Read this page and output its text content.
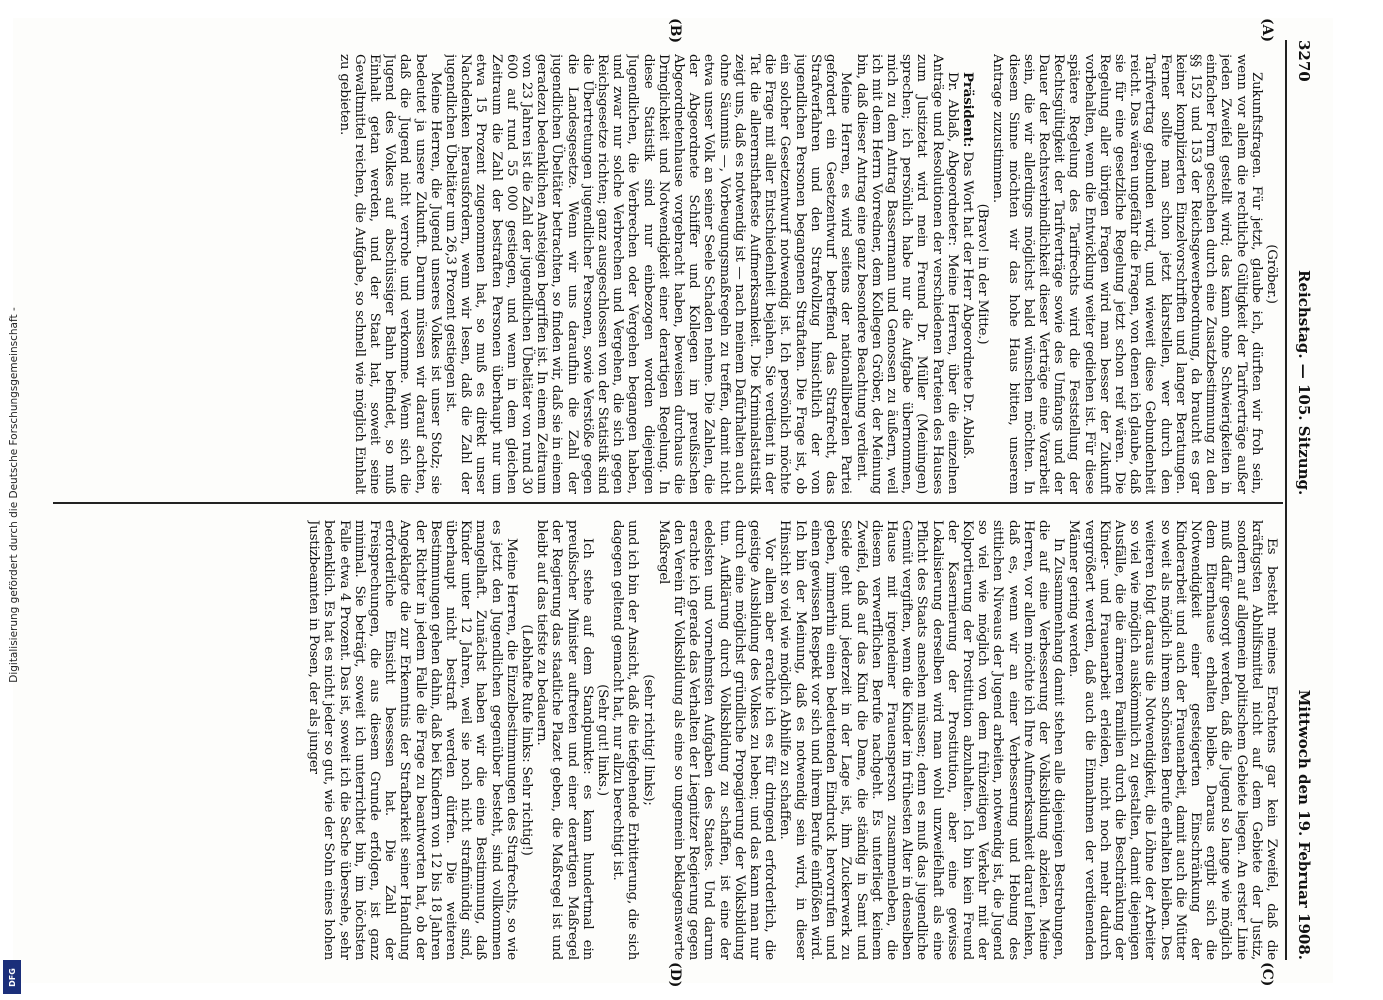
3270
Reichstag. — 105. Sitzung.
Mittwoch den 19. Februar 1908.
(A)
(B)
(C)
(D)

(Gröber.)

Zukunftsfragen. Für jetzt, glaube ich, dürften wir froh sein, wenn vor allem die rechtliche Gültigkeit der Tarifverträge außer jeden Zweifel gestellt wird; das kann ohne Schwierigkeiten in einfacher Form geschehen durch eine Zusatzbestimmung zu den §§ 152 und 153 der Reichsgewerbeordnung, da braucht es gar keiner komplizierten Einzelvorschriften und langer Beratungen. Ferner sollte man schon jetzt klarstellen, wer durch den Tarifvertrag gebunden wird, und wieweit diese Gebundenheit reicht. Das wären ungefähr die Fragen, von denen ich glaube, daß sie für eine gesetzliche Regelung jetzt schon reif wären. Die Regelung aller übrigen Fragen wird man besser der Zukunft vorbehalten, wenn die Entwicklung weiter gediehen ist. Für diese spätere Regelung des Tarifrechts wird die Feststellung der Rechtsgültigkeit der Tarifverträge sowie des Umfangs und der Dauer der Rechtsverbindlichkeit dieser Verträge eine Vorarbeit sein, die wir allerdings möglichst bald wünschen möchten. In diesem Sinne möchten wir das hohe Haus bitten, unserem Antrage zuzustimmen.

(Bravo! in der Mitte.)

Präsident: Das Wort hat der Herr Abgeordnete Dr. Ablaß.

Dr. Ablaß, Abgeordneter: Meine Herren, über die einzelnen Anträge und Resolutionen der verschiedenen Parteien des Hauses zum Justizetat wird mein Freund Dr. Müller (Meiningen) sprechen; ich persönlich habe nur die Aufgabe übernommen, mich zu dem Antrag Bassermann und Genossen zu äußern, weil ich mit dem Herrn Vorredner, dem Kollegen Gröber, der Meinung bin, daß dieser Antrag eine ganz besondere Beachtung verdient.

Meine Herren, es wird seitens der nationalliberalen Partei gefordert ein Gesetzentwurf betreffend das Strafrecht, das Strafverfahren und den Strafvollzug hinsichtlich der von jugendlichen Personen begangenen Straftaten. Die Frage ist, ob ein solcher Gesetzentwurf notwendig ist. Ich persönlich möchte die Frage mit aller Entschiedenheit bejahen. Sie verdient in der Tat die allerernsthafteste Aufmerksamkeit. Die Kriminalstatistik zeigt uns, daß es notwendig ist — nach meinem Dafürhalten auch ohne Säumnis —, Vorbeugungsmaßregeln zu treffen, damit nicht etwa unser Volk an seiner Seele Schaden nehme. Die Zahlen, die der Abgeordnete Schiffer und Kollegen im preußischen Abgeordnetenhause vorgebracht haben, beweisen durchaus die Dringlichkeit und Notwendigkeit einer derartigen Regelung. In diese Statistik sind nur einbezogen worden diejenigen Jugendlichen, die Verbrechen oder Vergehen begangen haben, und zwar nur solche Verbrechen und Vergehen, die sich gegen Reichsgesetze richten; ganz ausgeschlossen von der Statistik sind die Übertretungen jugendlicher Personen, sowie Verstöße gegen die Landesgesetze. Wenn wir uns daraufhin die Zahl der jugendlichen Übeltäter betrachten, so finden wir, daß sie in einem geradezu bedenklichen Ansteigen begriffen ist. In einem Zeitraum von 23 Jahren ist die Zahl der jugendlichen Übeltäter von rund 30 600 auf rund 55 000 gestiegen, und wenn in dem gleichen Zeitraum die Zahl der bestraften Personen überhaupt nur um etwa 15 Prozent zugenommen hat, so muß es direkt unser Nachdenken herausfordern, wenn wir lesen, daß die Zahl der jugendlichen Übeltäter um 26,3 Prozent gestiegen ist.

Meine Herren, die Jugend unseres Volkes ist unser Stolz; sie bedeutet ja unsere Zukunft. Darum müssen wir darauf achten, daß die Jugend nicht verrohe und verkomme. Wenn sich die Jugend des Volkes auf abschüssiger Bahn befindet, so muß Einhalt getan werden, und der Staat hat, soweit seine Gewaltmittel reichen, die Aufgabe, so schnell wie möglich Einhalt zu gebieten.

Es besteht meines Erachtens gar kein Zweifel, daß die kräftigsten Abhilfsmittel nicht auf dem Gebiete der Justiz, sondern auf allgemein politischem Gebiete liegen. An erster Linie muß dafür gesorgt werden, daß die Jugend so lange wie möglich dem Elternhause erhalten bleibe. Daraus ergibt sich die Notwendigkeit einer gesteigerten Einschränkung der Kinderarbeit und auch der Frauenarbeit, damit auch die Mütter so weit als möglich ihrem schönsten Berufe erhalten bleiben. Des weiteren folgt daraus die Notwendigkeit, die Löhne der Arbeiter so viel wie möglich auskömmlich zu gestalten, damit diejenigen Ausfälle, die die ärmeren Familien durch die Beschränkung der Kinder- und Frauenarbeit erleiden, nicht noch mehr dadurch vergrößert werden, daß auch die Einnahmen der verdienenden Männer gering werden.

In Zusammenhang damit stehen alle diejenigen Bestrebungen, die auf eine Verbesserung der Volksbildung abzielen. Meine Herren, vor allem möchte ich Ihre Aufmerksamkeit darauf lenken, daß es, wenn wir an einer Verbesserung und Hebung des sittlichen Niveaus der Jugend arbeiten, notwendig ist, die Jugend so viel wie möglich von dem frühzeitigen Verkehr mit der Kolportierung der Prostitution abzuhalten. Ich bin kein Freund der Kasernierung der Prostitution, aber eine gewisse Lokalisierung derselben wird man wohl unzweifelhaft als eine Pflicht des Staats ansehen müssen; denn es muß das jugendliche Gemüt vergiften, wenn die Kinder im frühesten Alter in denselben Hause mit irgendeiner Frauensperson zusammenleben, die diesem verwerflichen Berufe nachgeht. Es unterliegt keinem Zweifel, daß auf das Kind die Dame, die ständig in Samt und Seide geht und jederzeit in der Lage ist, ihm Zuckerwerk zu geben, immerhin einen bedeutenden Eindruck hervorrufen und einen gewissen Respekt vor sich und ihrem Berufe einflößen wird. Ich bin der Meinung, daß es notwendig sein wird, in dieser Hinsicht so viel wie möglich Abhilfe zu schaffen.

Vor allem aber erachte ich es für dringend erforderlich, die geistige Ausbildung des Volkes zu heben; und das kann man nur durch eine möglichst gründliche Propagierung der Volksbildung tun. Aufklärung durch Volksbildung zu schaffen, ist eine der edelsten und vornehmsten Aufgaben des Staates. Und darum erachte ich gerade das Verhalten der Liegnitzer Regierung gegen den Verein für Volksbildung als eine so ungemein beklagenswerte Maßregel

(sehr richtig! links);

und ich bin der Ansicht, daß die tiefgehende Erbitterung, die sich dagegen geltend gemacht hat, nur allzu berechtigt ist.

(Sehr gut! links.)

Ich stehe auf dem Standpunkte: es kann hundertmal ein preußischer Minister auftreten und einer derartigen Maßregel der Regierung das staatliche Plazet geben, die Maßregel ist und bleibt auf das tiefste zu bedauern.

(Lebhafte Rufe links: Sehr richtig!)

Meine Herren, die Einzelbestimmungen des Strafrechts, so wie es jetzt den Jugendlichen gegenüber besteht, sind vollkommen mangelhaft. Zunächst haben wir die eine Bestimmung, daß Kinder unter 12 Jahren, weil sie noch nicht strafmündig sind, überhaupt nicht bestraft werden dürfen. Die weiteren Bestimmungen gehen dahin, daß bei Kindern von 12 bis 18 Jahren der Richter in jedem Falle die Frage zu beantworten hat, ob der Angeklagte die zur Erkenntnis der Strafbarkeit seiner Handlung erforderliche Einsicht besessen hat. Die Zahl der Freisprechungen, die aus diesem Grunde erfolgen, ist ganz minimal. Sie beträgt, soweit ich unterrichtet bin, im höchsten Falle etwa 4 Prozent. Das ist, soweit ich die Sache übersehe, sehr bedenklich. Es hat es nicht jeder so gut, wie der Sohn eines hohen Justizbeamten in Posen, der als junger

Digitalisierung gefördert durch die Deutsche Forschungsgemeinschaft -
DFG
